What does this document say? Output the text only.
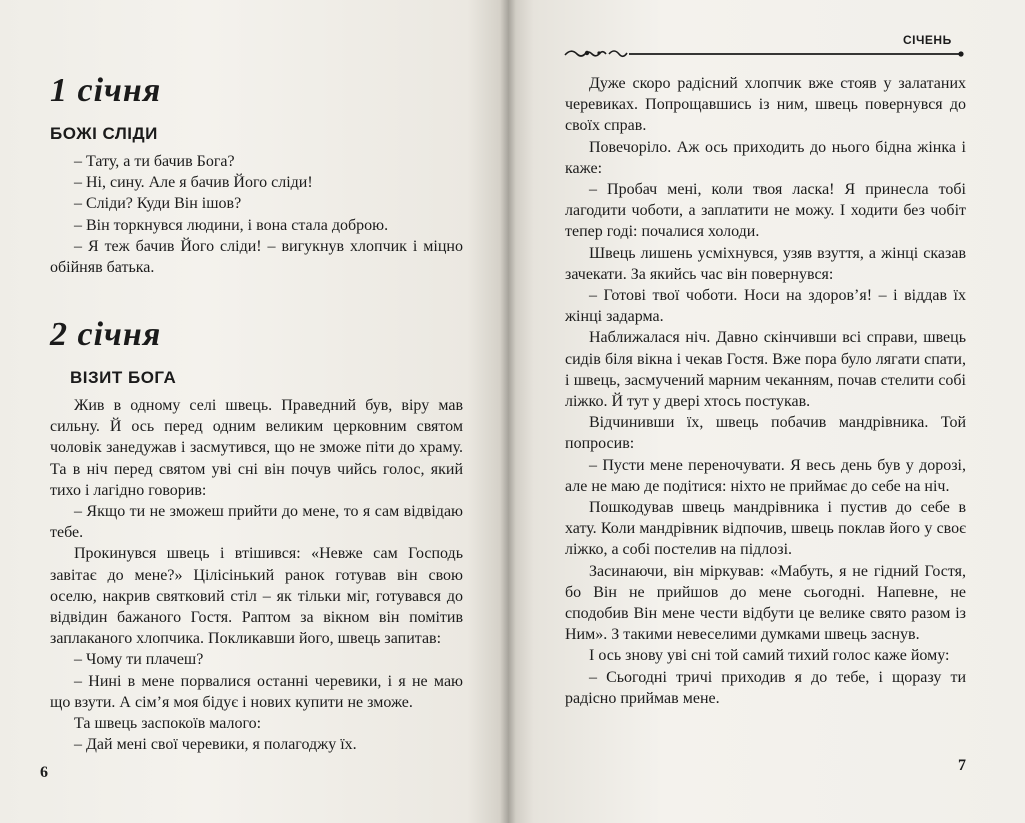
1 січня
БОЖІ СЛІДИ

– Тату, а ти бачив Бога?

– Ні, сину. Але я бачив Його сліди!

– Сліди? Куди Він ішов?

– Він торкнувся людини, і вона стала доброю.

– Я теж бачив Його сліди! – вигукнув хлопчик і міцно обійняв батька.

2 січня
ВІЗИТ БОГА

Жив в одному селі швець. Праведний був, віру мав сильну. Й ось перед одним великим церковним святом чоловік занедужав і засмутився, що не зможе піти до храму. Та в ніч перед святом уві сні він почув чийсь голос, який тихо і лагідно говорив:

– Якщо ти не зможеш прийти до мене, то я сам відвідаю тебе.

Прокинувся швець і втішився: «Невже сам Господь завітає до мене?» Цілісінький ранок готував він свою оселю, накрив святковий стіл – як тільки міг, готувався до відвідин бажаного Гостя. Раптом за вікном він помітив заплаканого хлопчика. Покликавши його, швець запитав:

– Чому ти плачеш?

– Нині в мене порвалися останні черевики, і я не маю що взути. А сім’я моя бідує і нових купити не зможе.

Та швець заспокоїв малого:

– Дай мені свої черевики, я полагоджу їх.

6
СІЧЕНЬ

Дуже скоро радісний хлопчик вже стояв у залатаних черевиках. Попрощавшись із ним, швець повернувся до своїх справ.

Повечоріло. Аж ось приходить до нього бідна жінка і каже:

– Пробач мені, коли твоя ласка! Я принесла тобі лагодити чоботи, а заплатити не можу. І ходити без чобіт тепер годі: почалися холоди.

Швець лишень усміхнувся, узяв взуття, а жінці сказав зачекати. За якийсь час він повернувся:

– Готові твої чоботи. Носи на здоров’я! – і віддав їх жінці задарма.

Наближалася ніч. Давно скінчивши всі справи, швець сидів біля вікна і чекав Гостя. Вже пора було лягати спати, і швець, засмучений марним чеканням, почав стелити собі ліжко. Й тут у двері хтось постукав.

Відчинивши їх, швець побачив мандрівника. Той попросив:

– Пусти мене переночувати. Я весь день був у дорозі, але не маю де подітися: ніхто не приймає до себе на ніч.

Пошкодував швець мандрівника і пустив до себе в хату. Коли мандрівник відпочив, швець поклав його у своє ліжко, а собі постелив на підлозі.

Засинаючи, він міркував: «Мабуть, я не гідний Гостя, бо Він не прийшов до мене сьогодні. Напевне, не сподобив Він мене чести відбути це велике свято разом із Ним». З такими невеселими думками швець заснув.

І ось знову уві сні той самий тихий голос каже йому:

– Сьогодні тричі приходив я до тебе, і щоразу ти радісно приймав мене.

7
